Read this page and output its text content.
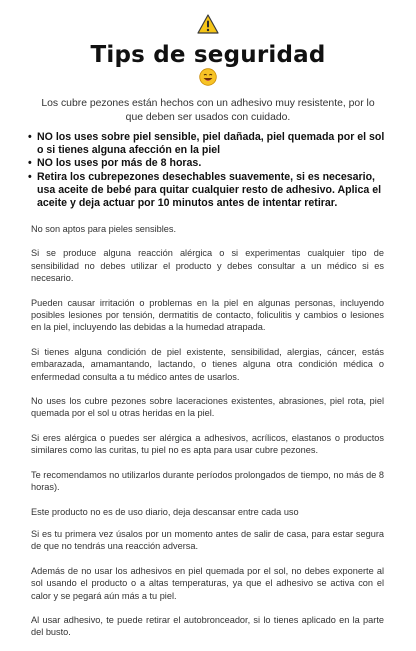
Tips de seguridad
Los cubre pezones están hechos con un adhesivo muy resistente, por lo que deben ser usados con cuidado.
• NO los uses sobre piel sensible, piel dañada, piel quemada por el sol o si tienes alguna afección en la piel
• NO los uses por más de 8 horas.
• Retira los cubrepezones desechables suavemente, si es necesario, usa aceite de bebé para quitar cualquier resto de adhesivo. Aplica el aceite y deja actuar por 10 minutos antes de intentar retirar.

No son aptos para pieles sensibles.

Si se produce alguna reacción alérgica o si experimentas cualquier tipo de sensibilidad no debes utilizar el producto y debes consultar a un médico si es necesario.

Pueden causar irritación o problemas en la piel en algunas personas, incluyendo posibles lesiones por tensión, dermatitis de contacto, foliculitis y cambios o lesiones en la piel, incluyendo las debidas a la humedad atrapada.

Si tienes alguna condición de piel existente, sensibilidad, alergias, cáncer, estás embarazada, amamantando, lactando, o tienes alguna otra condición médica o enfermedad consulta a tu médico antes de usarlos.

No uses los cubre pezones sobre laceraciones existentes, abrasiones, piel rota, piel quemada por el sol u otras heridas en la piel.

Si eres alérgica o puedes ser alérgica a adhesivos, acrílicos, elastanos o productos similares como las curitas, tu piel no es apta para usar cubre pezones.

Te recomendamos no utilizarlos durante períodos prolongados de tiempo, no más de 8 horas).

Este producto no es de uso diario, deja descansar entre cada uso

Si es tu primera vez úsalos por un momento antes de salir de casa, para estar segura de que no tendrás una reacción adversa.

Además de no usar los adhesivos en piel quemada por el sol, no debes exponerte al sol usando el producto o a altas temperaturas, ya que el adhesivo se activa con el calor y se pegará aún más a tu piel.

Al usar adhesivo, te puede retirar el autobronceador, si lo tienes aplicado en la parte del busto.
